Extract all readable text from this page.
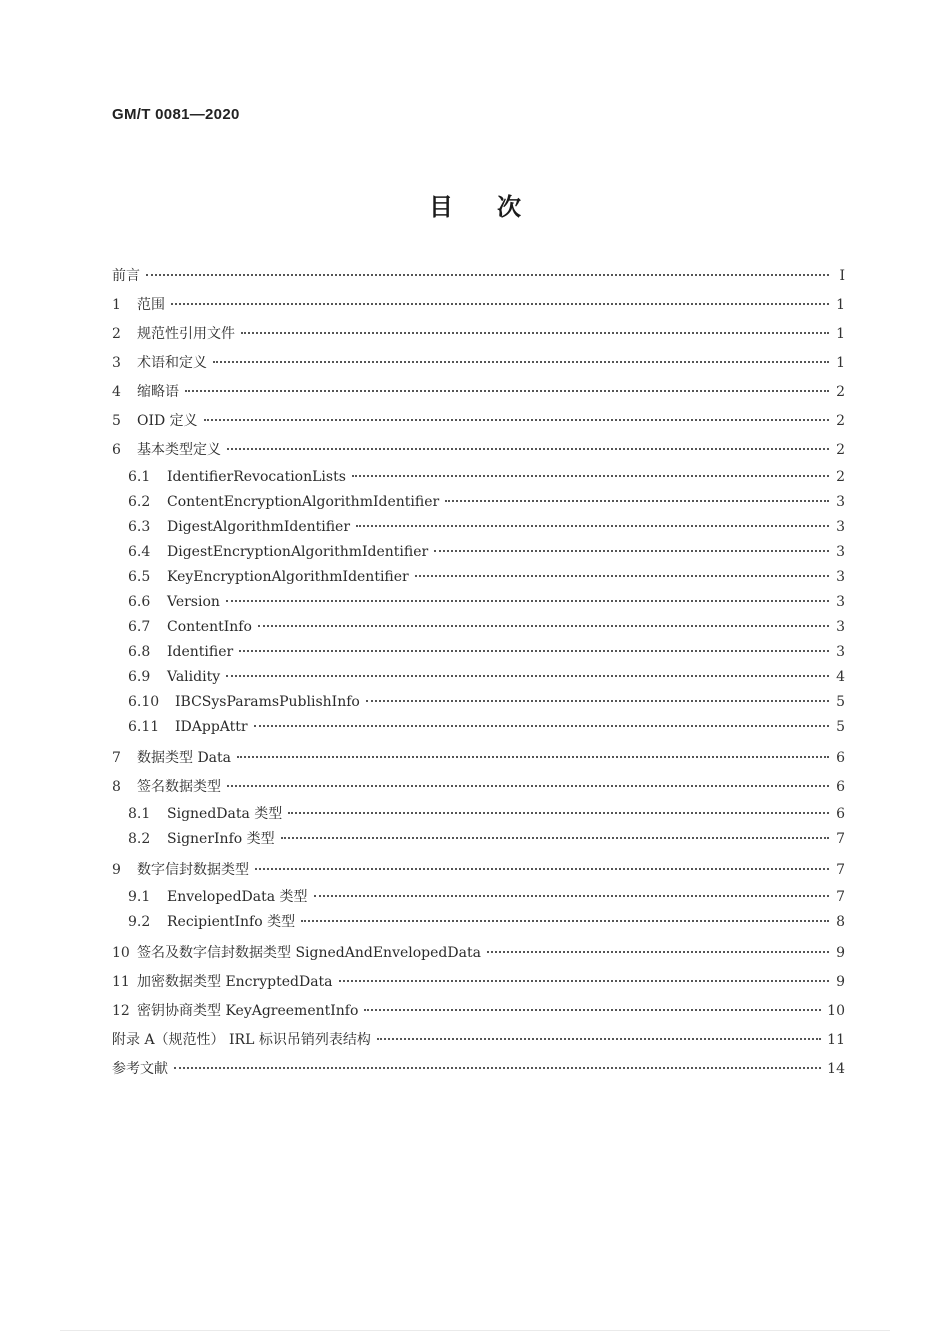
GM/T 0081—2020
目次
前言	I
1	范围	1
2	规范性引用文件	1
3	术语和定义	1
4	缩略语	2
5	OID 定义	2
6	基本类型定义	2
6.1	IdentifierRevocationLists	2
6.2	ContentEncryptionAlgorithmIdentifier	3
6.3	DigestAlgorithmIdentifier	3
6.4	DigestEncryptionAlgorithmIdentifier	3
6.5	KeyEncryptionAlgorithmIdentifier	3
6.6	Version	3
6.7	ContentInfo	3
6.8	Identifier	3
6.9	Validity	4
6.10	IBCSysParamsPublishInfo	5
6.11	IDAppAttr	5
7	数据类型 Data	6
8	签名数据类型	6
8.1	SignedData 类型	6
8.2	SignerInfo 类型	7
9	数字信封数据类型	7
9.1	EnvelopedData 类型	7
9.2	RecipientInfo 类型	8
10 签名及数字信封数据类型 SignedAndEnvelopedData	9
11 加密数据类型 EncryptedData	9
12 密钥协商类型 KeyAgreementInfo	10
附录 A（规范性） IRL 标识吊销列表结构	11
参考文献	14
